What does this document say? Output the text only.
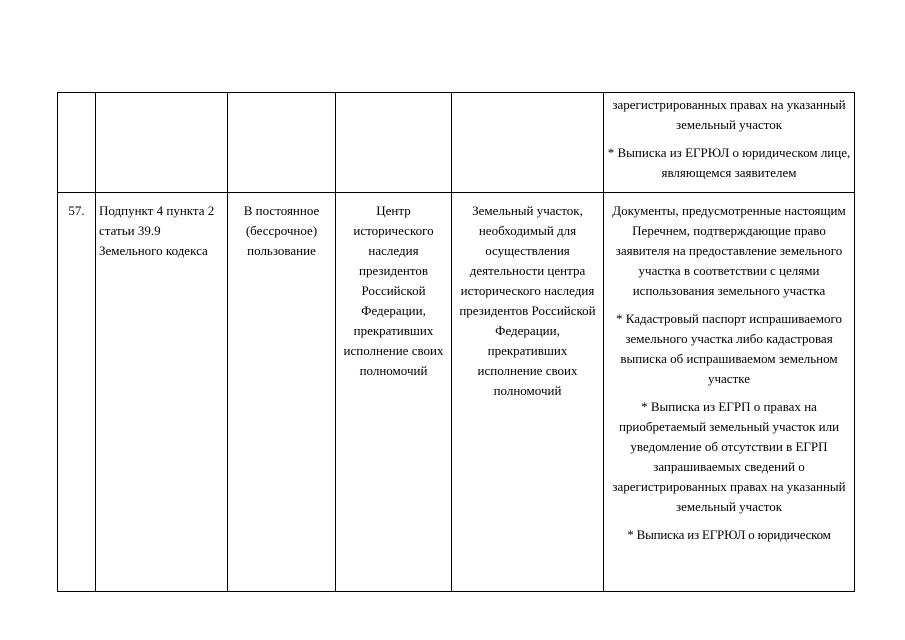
					зарегистрированных правах на указанный земельный участок

* Выписка из ЕГРЮЛ о юридическом лице, являющемся заявителем

57.	Подпункт 4 пункта 2 статьи 39.9 Земельного кодекса	В постоянное (бессрочное) пользование	Центр исторического наследия президентов Российской Федерации, прекративших исполнение своих полномочий	Земельный участок, необходимый для осуществления деятельности центра исторического наследия президентов Российской Федерации, прекративших исполнение своих полномочий	Документы, предусмотренные настоящим Перечнем, подтверждающие право заявителя на предоставление земельного участка в соответствии с целями использования земельного участка

* Кадастровый паспорт испрашиваемого земельного участка либо кадастровая выписка об испрашиваемом земельном участке

* Выписка из ЕГРП о правах на приобретаемый земельный участок или уведомление об отсутствии в ЕГРП запрашиваемых сведений о зарегистрированных правах на указанный земельный участок

* Выписка из ЕГРЮЛ о юридическом
